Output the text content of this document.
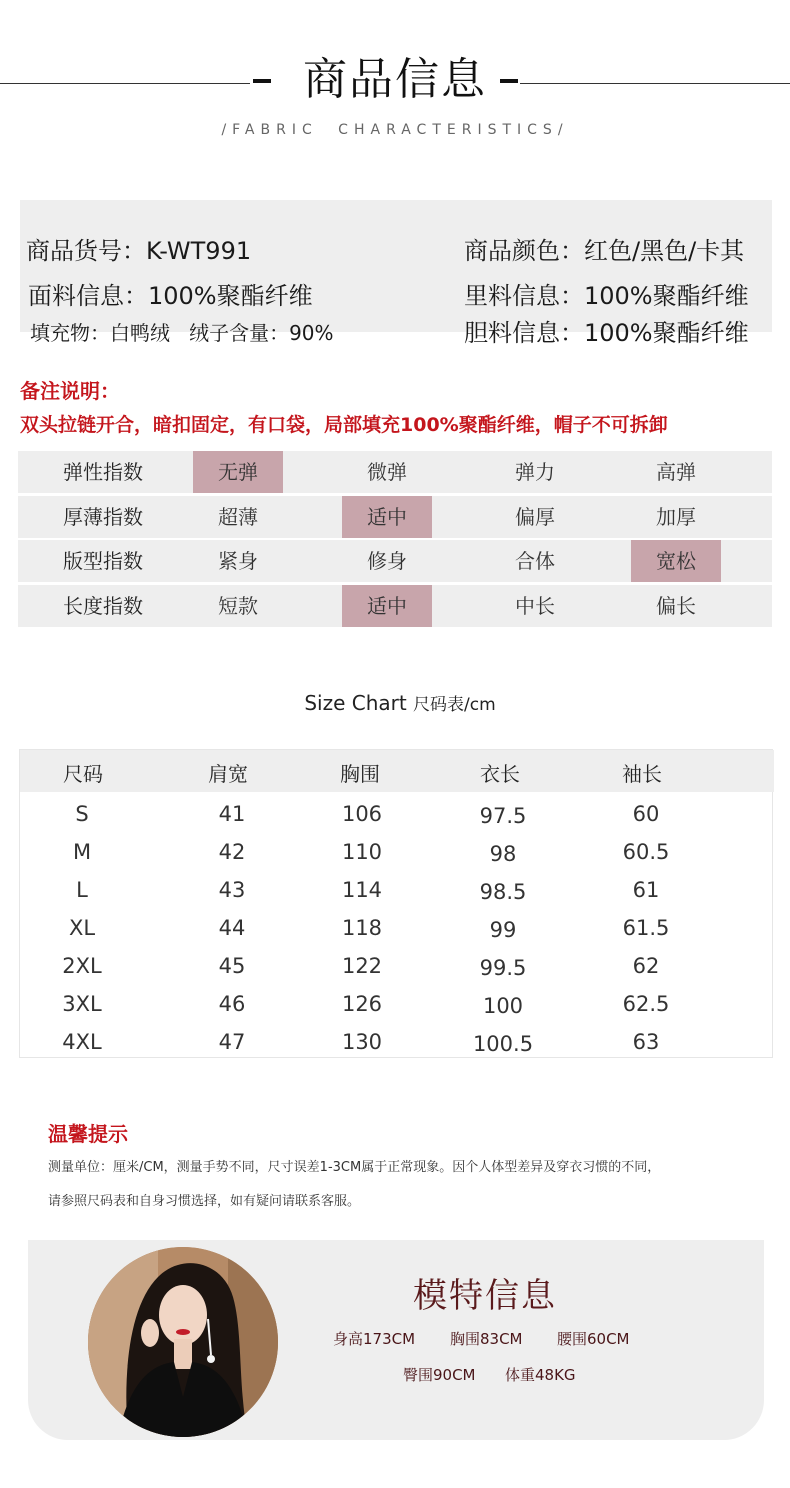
商品信息
/FABRIC CHARACTERISTICS/
商品货号：K-WT991	商品颜色：红色/黑色/卡其
面料信息：100%聚酯纤维	里料信息：100%聚酯纤维
填充物：白鸭绒   绒子含量：90%	胆料信息：100%聚酯纤维
备注说明：
双头拉链开合，暗扣固定，有口袋，局部填充100%聚酯纤维，帽子不可拆卸
弹性指数	无弹	微弹	弹力	高弹
厚薄指数	超薄	适中	偏厚	加厚
版型指数	紧身	修身	合体	宽松
长度指数	短款	适中	中长	偏长
Size Chart 尺码表/cm
尺码	肩宽	胸围	衣长	袖长
S	41	106	97.5	60
M	42	110	98	60.5
L	43	114	98.5	61
XL	44	118	99	61.5
2XL	45	122	99.5	62
3XL	46	126	100	62.5
4XL	47	130	100.5	63
温馨提示
测量单位：厘米/CM，测量手势不同，尺寸误差1-3CM属于正常现象。因个人体型差异及穿衣习惯的不同，
请参照尺码表和自身习惯选择，如有疑问请联系客服。
模特信息
身高173CM 胸围83CM 腰围60CM
臀围90CM 体重48KG
